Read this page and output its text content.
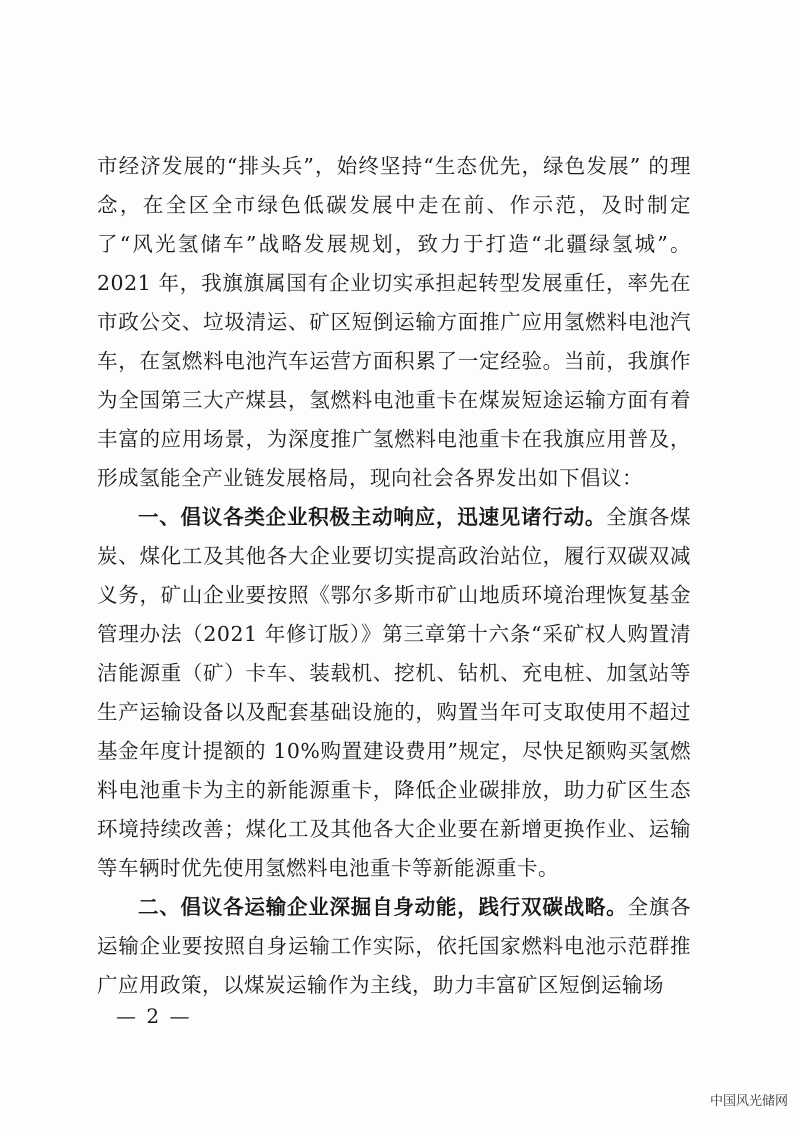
市经济发展的“排头兵”，始终坚持“生态优先，绿色发展” 的理念，在全区全市绿色低碳发展中走在前、作示范，及时制定了“风光氢储车”战略发展规划，致力于打造“北疆绿氢城”。2021 年，我旗旗属国有企业切实承担起转型发展重任，率先在市政公交、垃圾清运、矿区短倒运输方面推广应用氢燃料电池汽车，在氢燃料电池汽车运营方面积累了一定经验。当前，我旗作为全国第三大产煤县，氢燃料电池重卡在煤炭短途运输方面有着丰富的应用场景，为深度推广氢燃料电池重卡在我旗应用普及，形成氢能全产业链发展格局，现向社会各界发出如下倡议：

一、倡议各类企业积极主动响应，迅速见诸行动。全旗各煤炭、煤化工及其他各大企业要切实提高政治站位，履行双碳双减义务，矿山企业要按照《鄂尔多斯市矿山地质环境治理恢复基金管理办法（2021 年修订版）》第三章第十六条“采矿权人购置清洁能源重（矿）卡车、装载机、挖机、钻机、充电桩、加氢站等生产运输设备以及配套基础设施的，购置当年可支取使用不超过基金年度计提额的 10%购置建设费用”规定，尽快足额购买氢燃料电池重卡为主的新能源重卡，降低企业碳排放，助力矿区生态环境持续改善；煤化工及其他各大企业要在新增更换作业、运输等车辆时优先使用氢燃料电池重卡等新能源重卡。

二、倡议各运输企业深掘自身动能，践行双碳战略。全旗各运输企业要按照自身运输工作实际，依托国家燃料电池示范群推广应用政策，以煤炭运输作为主线，助力丰富矿区短倒运输场

— 2 —
中国风光储网
